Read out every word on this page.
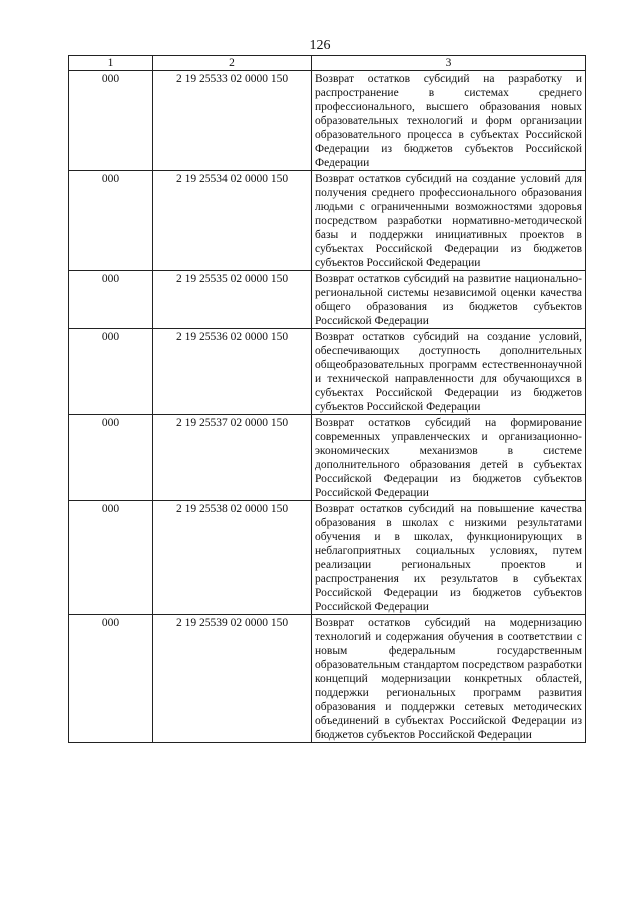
126
1	2	3
000	2 19 25533 02 0000 150	Возврат остатков субсидий на разработку и распространение в системах среднего профессионального, высшего образования новых образовательных технологий и форм организации образовательного процесса в субъектах Российской Федерации из бюджетов субъектов Российской Федерации
000	2 19 25534 02 0000 150	Возврат остатков субсидий на создание условий для получения среднего профессионального образования людьми с ограниченными возможностями здоровья посредством разработки нормативно-методической базы и поддержки инициативных проектов в субъектах Российской Федерации из бюджетов субъектов Российской Федерации
000	2 19 25535 02 0000 150	Возврат остатков субсидий на развитие национально-региональной системы независимой оценки качества общего образования из бюджетов субъектов Российской Федерации
000	2 19 25536 02 0000 150	Возврат остатков субсидий на создание условий, обеспечивающих доступность дополнительных общеобразовательных программ естественнонаучной и технической направленности для обучающихся в субъектах Российской Федерации из бюджетов субъектов Российской Федерации
000	2 19 25537 02 0000 150	Возврат остатков субсидий на формирование современных управленческих и организационно-экономических механизмов в системе дополнительного образования детей в субъектах Российской Федерации из бюджетов субъектов Российской Федерации
000	2 19 25538 02 0000 150	Возврат остатков субсидий на повышение качества образования в школах с низкими результатами обучения и в школах, функционирующих в неблагоприятных социальных условиях, путем реализации региональных проектов и распространения их результатов в субъектах Российской Федерации из бюджетов субъектов Российской Федерации
000	2 19 25539 02 0000 150	Возврат остатков субсидий на модернизацию технологий и содержания обучения в соответствии с новым федеральным государственным образовательным стандартом посредством разработки концепций модернизации конкретных областей, поддержки региональных программ развития образования и поддержки сетевых методических объединений в субъектах Российской Федерации из бюджетов субъектов Российской Федерации
